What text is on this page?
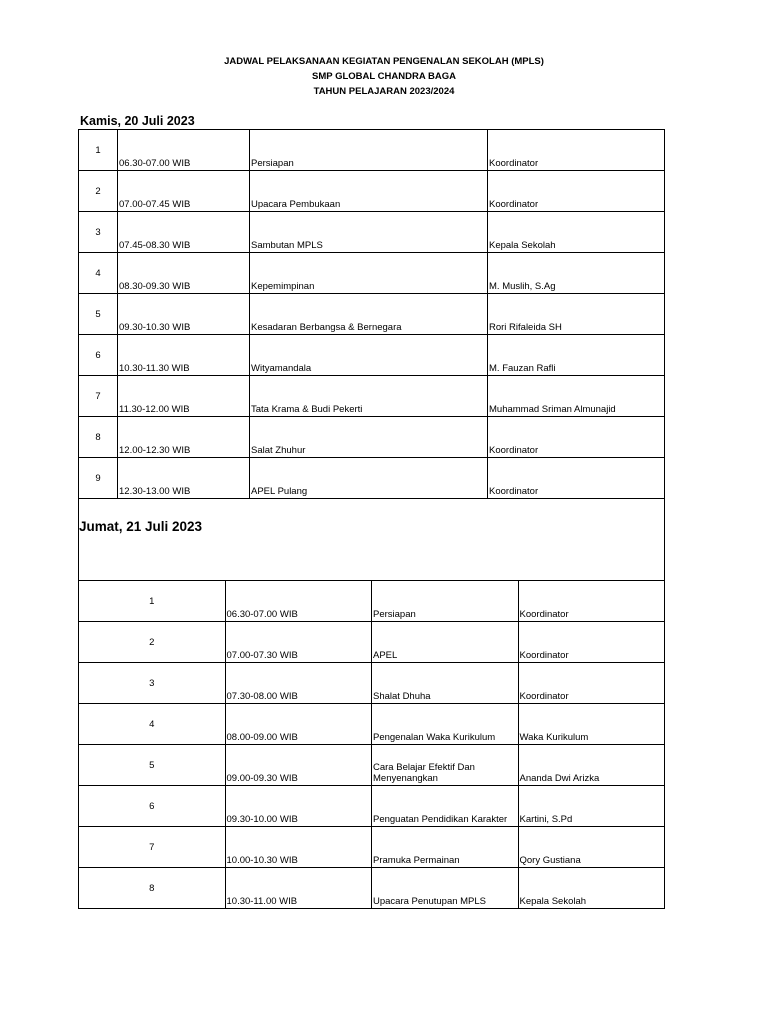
JADWAL PELAKSANAAN KEGIATAN PENGENALAN SEKOLAH (MPLS)
SMP GLOBAL CHANDRA BAGA
TAHUN PELAJARAN 2023/2024
Kamis, 20 Juli 2023
1	06.30-07.00 WIB	Persiapan	Koordinator
2	07.00-07.45 WIB	Upacara Pembukaan	Koordinator
3	07.45-08.30 WIB	Sambutan MPLS	Kepala Sekolah
4	08.30-09.30 WIB	Kepemimpinan	M. Muslih, S.Ag
5	09.30-10.30 WIB	Kesadaran Berbangsa & Bernegara	Rori Rifaleida SH
6	10.30-11.30 WIB	Wityamandala	M. Fauzan Rafli
7	11.30-12.00 WIB	Tata Krama & Budi Pekerti	Muhammad Sriman Almunajid
8	12.00-12.30 WIB	Salat Zhuhur	Koordinator
9	12.30-13.00 WIB	APEL Pulang	Koordinator
Jumat, 21 Juli 2023			
1	06.30-07.00 WIB	Persiapan	Koordinator
2	07.00-07.30 WIB	APEL	Koordinator
3	07.30-08.00 WIB	Shalat Dhuha	Koordinator
4	08.00-09.00 WIB	Pengenalan Waka Kurikulum	Waka Kurikulum
5	09.00-09.30 WIB	Cara Belajar Efektif Dan Menyenangkan	Ananda Dwi Arizka
6	09.30-10.00 WIB	Penguatan Pendidikan Karakter	Kartini, S.Pd
7	10.00-10.30 WIB	Pramuka Permainan	Qory Gustiana
8	10.30-11.00 WIB	Upacara Penutupan MPLS	Kepala Sekolah
